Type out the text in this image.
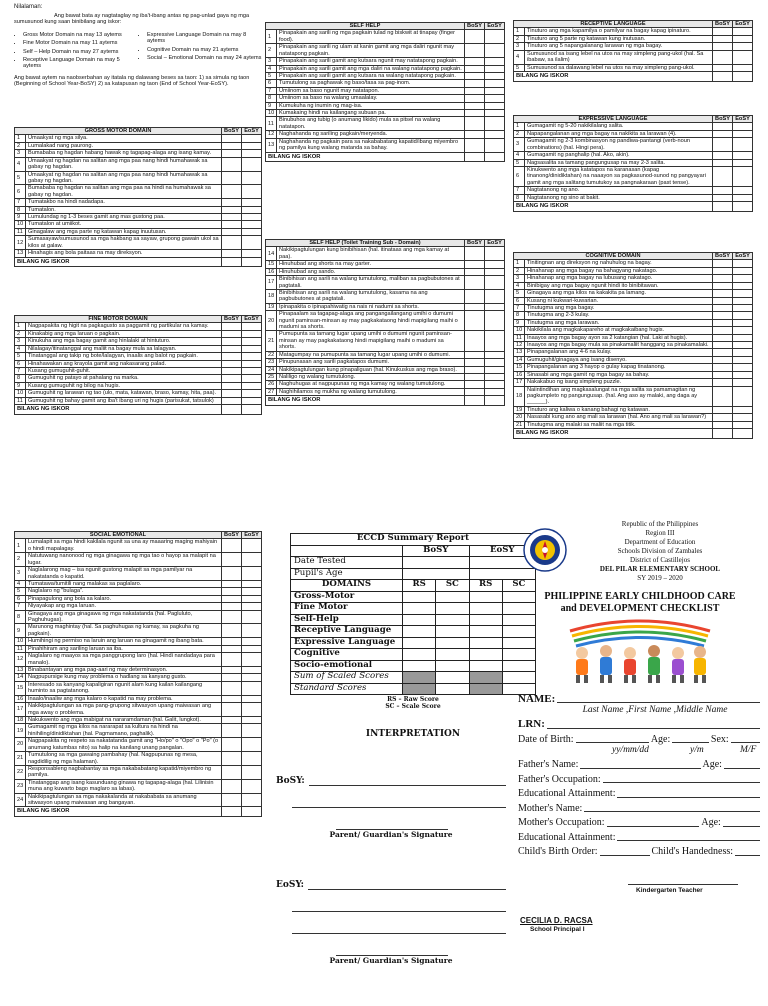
Nilalaman:

Ang bawat bata ay nagtataglay ng iba't-ibang antas ng pag-unlad gaya ng mga sumusunod kung saan binibilang ang iskor:

• Gross Motor Domain na may 13 aytems
• Fine Motor Domain na may 11 aytems
• Self – Help Domain na may 27 aytems
• Receptive Language Domain na may 5 aytems
• Expressive Language Domain na may 8 aytems
• Cognitive Domain na may 21 aytems
• Social – Emotional Domain na may 24 aytems

Ang bawat aytem na naobserbahan ay itatala ng dalawang beses sa taon: 1) sa simula ng taon (Beginning of School Year-BoSY) 2) sa katapusan ng taon (End of School Year-EoSY).

GROSS MOTOR DOMAIN		BoSY	EoSY
1	Umaakyat ng mga silya.		
2	Lumalakad nang paurong.		
3	Bumababa ng hagdan habang hawak ng tagapag-alaga ang isang kamay.		
4	Umaakyat ng hagdan na salitan ang mga paa nang hindi humahawak sa gabay ng hagdan.		
5	Umaakyat ng hagdan na salitan ang mga paa nang hindi humahawak sa gabay ng hagdan.		
6	Bumababa ng hagdan na salitan ang mga paa na hindi na humahawak sa gabay ng hagdan.		
7	Tumatakbo na hindi nadadapa.		
8	Tumatalon.		
9	Lumulundag ng 1-3 beses gamit ang mas gustong paa.		
10	Tumatalon at umiikot.		
11	Ginagalaw ang mga parte ng katawan kapag inuutusan.		
12	Sumasayaw/sumusunod sa mga hakbang sa sayaw, grupong gawain ukol sa kilos at galaw.		
13	Hinahagis ang bola paitaas na may direksyon.		
BILANG NG ISKOR			
FINE MOTOR DOMAIN		BoSY	EoSY
1	Nagpapakita ng higit na pagkagusto sa paggamit ng partikular na kamay.		
2	Kinakabig ang mga laruan o pagkain.		
3	Kinukuha ang mga bagay gamit ang hinlalaki at hintuturo.		
4	Nilalagay/itinatanggal ang maliit na bagay mula sa lalagyan.		
5	Tinatanggal ang takip ng bote/lalagyan, inaalis ang balot ng pagkain.		
6	Hinahawakan ang krayola gamit ang nakasarang palad.		
7	Kusang gumuguhit-guhit.		
8	Gumuguhit ng patayo at pahalang na marka.		
9	Kusang gumuguhit ng bilog na hugis.		
10	Gumuguhit ng larawan ng tao (ulo, mata, katawan, braso, kamay, hita, paa).		
11	Gumuguhit ng bahay gamit ang iba't ibang uri ng hugis (parisukat, tatsulok)		
BILANG NG ISKOR			
SELF HELP		BoSY	EoSY
1	Pinapakain ang sarili ng mga pagkain tulad ng biskwit at tinapay (finger food).		
2	Pinapakain ang sarili ng ulam at kanin gamit ang mga daliri ngunit may natatapong pagkain.		
3	Pinapakain ang sarili gamit ang kutsara ngunit may natatapong pagkain.		
4	Pinapakain ang sarili gamit ang mga daliri na walang natatapong pagkain.		
5	Pinapakain ang sarili gamit ang kutsara na walang natatapong pagkain.		
6	Tumutulong sa paghawak ng baso/tasa sa pag-inom.		
7	Umiinom sa baso ngunit may natatapon.		
8	Umiinom sa baso na walang umaalalay.		
9	Kumukuha ng inumin ng mag-isa.		
10	Kumakaing hindi na kailangang subuan pa.		
11	Binubuhos ang tubig (o anumang likido) mula sa pitsel na walang natatapon.		
12	Naghahanda ng sariling pagkain/meryenda.		
13	Naghahanda ng pagkain para sa nakababatang kapatid/ibang miyembro ng pamilya kung walang matanda sa bahay.		
BILANG NG ISKOR			
SELF HELP (Toilet Training Sub - Domain)		BoSY	EoSY
14	Nakikipagtulungan kung binibihisan (hal. itinataas ang mga kamay at paa).		
15	Hinuhubad ang shorts na may garter.		
16	Hinuhubad ang sando.		
17	Binibihisan ang sarili na walang tumutulong, maliban sa pagbubutones at pagtatali.		
18	Binibihisan ang sarili na walang tumutulong, kasama na ang pagbubutones at pagtatali.		
19	Ipinapakita o ipinapahiwatig na nais ni nadumi sa shorts.		
20	Pinapaalam sa tagapag-alaga ang pangangailangang umihi o dumumi ngunit paminsan-minsan ay may pagkakataong hindi mapigilang maihi o madumi sa shorts.		
21	Pumupunta sa tamang lugar upang umihi o dumumi ngunit paminsan-minsan ay may pagkakataong hindi mapigilang maihi o madumi sa shorts.		
22	Matagumpay na pumupunta sa tamang lugar upang umihi o dumumi.		
23	Pinupunasan ang sarili pagkatapos dumumi.		
24	Nakikipagtulungan kung pinapaliguan (hal. Kinukuskus ang mga braso).		
25	Naliligo ng walang tumutulong.		
26	Naghuhugas at nagpupunas ng mga kamay ng walang tumutulong.		
27	Naghihilamos ng mukha ng walang tumutulong.		
BILANG NG ISKOR			
RECEPTIVE LANGUAGE		BoSY	EoSY
1	Tinuturo ang mga kapamilya o pamilyar na bagay kapag ipinaturo.		
2	Tinuturo ang 5 parte ng katawan kung inutusan.		
3	Tinuturo ang 5 napangalanang larawan ng mga bagay.		
4	Sumusunod sa isang lebel na utos na may simpleng pang-ukol (hal. Sa ibabaw, sa ilalim)		
5	Sumusunod sa dalawang lebel na utos na may simpleng pang-ukol.		
BILANG NG ISKOR			
EXPRESSIVE LANGUAGE		BoSY	EoSY
1	Gumagamit ng 5-20 nakikilalang salita.		
2	Napapangalanan ang mga bagay na nakikita sa larawan (4).		
3	Gumagamit ng 2-3 kombinasyon ng pandiwa-pantangi (verb-noun combinations) (hal. Hingi pera).		
4	Gumagamit ng panghalip (hal. Ako, akin).		
5	Nagsasalita sa tamang pangungusap na may 2-3 salita.		
6	Kinukwento ang mga katatapos na karanasan (kapag tinanong/dinidiktahan) na naaayon sa pagkasunod-sunod ng pangyayari gamit ang mga salitang tumutukoy sa pangnakaraan (past tense).		
7	Nagtatanong ng ano.		
8	Nagtatanong ng sino at bakit.		
BILANG NG ISKOR			
COGNITIVE DOMAIN		BoSY	EoSY
1	Tinitingnan ang direksyon ng nahuhulog na bagay.		
2	Hinahanap ang mga bagay na bahagyang nakatago.		
3	Hinahanap ang mga bagay na lubusang nakatago.		
4	Binibigay ang mga bagay ngunit hindi ito binibitawan.		
5	Ginagaya ang mga kilos na kakakita pa lamang.		
6	Kusang ni kukwari-kuwarian.		
7	Tinutugma ang mga bagay.		
8	Tinutugma ang 2-3 kulay.		
9	Tinutugma ang mga larawan.		
10	Nakikilala ang magkakapareho at magkakaibang hugis.		
11	Inaayos ang mga bagay ayon sa 2 katangian (hal. Laki at hugis).		
12	Inaayos ang mga bagay mula sa pinakamaliit hanggang sa pinakamalaki.		
13	Pinapangalanan ang 4-6 na kulay.		
14	Gumuguhit/ginagaya ang isang disenyo.		
15	Pinapangalanan ang 3 hayop o gulay kapag tinatanong.		
16	Sinasabi ang mga gamit ng mga bagay sa bahay.		
17	Nakakabuo ng isang simpleng puzzle.		
18	Naiintindihan ang magkasalungat na mga salita sa pamamagitan ng pagkumpleto ng pangungusap. (hal. Ang aso ay malaki, ang daga ay ______).		
19	Tinuturo ang kaliwa o kanang bahagi ng katawan.		
20	Nasasabi kung ano ang mali sa larawan (hal. Ano ang mali sa larawan?)		
21	Tinutugma ang malaki sa maliit na mga titik.		
BILANG NG ISKOR			
SOCIAL EMOTIONAL		BoSY	EoSY
1	Lumalapit sa mga hindi kakilala ngunit sa una ay maaaring maging mahiyain o hindi mapalagay.		
2	Natutuwang nanonood ng mga ginagawa ng mga tao o hayop sa malapit na lugar.		
3	Naglalarong mag – isa ngunit gustong malapit sa mga pamilyar na nakatatanda o kapatid.		
4	Tumatawa/tumitili nang malakas sa paglalaro.		
5	Naglalaro ng "bulaga".		
6	Pinapagulong ang bola sa kalaro.		
7	Niyayakap ang mga laruan.		
8	Ginagaya ang mga ginagawa ng mga nakatatanda (hal. Pagluluto, Paghuhugas).		
9	Marunong maghintay (hal. Sa paghuhugas ng kamay, sa pagkuha ng pagkain).		
10	Humihingi ng permiso na laruin ang laruan na ginagamit ng ibang bata.		
11	Pinahihiram ang sariling laruan sa iba.		
12	Naglalaro ng maayos sa mga panggrupong laro (hal. Hindi nandadaya para manalo).		
13	Binabantayan ang mga pag-aari ng may determinasyon.		
14	Nagpupursige kung may problema o hadlang sa kanyang gusto.		
15	Interesado sa kanyang kapaligiran ngunit alam kung kailan kailangang huminto sa pagtatanong.		
16	Inaalo/inaaliw ang mga kalaro o kapatid na may problema.		
17	Nakikipagtulungan sa mga pang-grupong sitwasyon upang maiwasan ang mga away o problema.		
18	Nakukwento ang mga mabigat na nararamdaman (hal. Galit, lungkot).		
19	Gumagamit ng mga kilos na nararapat sa kultura na hindi na hinihiling/dinidiktahan (hal. Pagmamano, paghalik).		
20	Nagpapakita ng respeto sa nakatatanda gamit ang "Ho/po" o "Opo" o "Po" (o anumang katumbas nito) sa halip na kanilang unang pangalan.		
21	Tumutulong sa mga gawaing pambahay (hal. Nagpupunas ng mesa, nagdidilig ng mga halaman).		
22	Responsableng nagbabantay sa mga nakababatang kapatid/miyembro ng pamilya.		
23	Tinatanggap ang isang kasunduang ginawa ng tagapag-alaga (hal. Lilinisin muna ang kuwarto bago maglaro sa labas).		
24	Nakikipagtulungan sa mga nakakalanda at nakababata sa anumang sitwasyon upang maiwasan ang bangayan.		
BILANG NG ISKOR			
ECCD Summary Report				
	BoSY		EoSY	
Date Tested				
Pupil's Age				
DOMAINS	RS	SC	RS	SC
Gross-Motor				
Fine Motor				
Self-Help				
Receptive Language				
Expressive Language				
Cognitive				
Socio-emotional				
Sum of Scaled Scores				
Standard Scores				
RS – Raw Score
SC – Scale Score
INTERPRETATION
BoSY:
Parent/ Guardian's Signature
EoSY:
Parent/ Guardian's Signature
Republic of the Philippines
Region III
Department of Education
Schools Division of Zambales
District of Castillejos
DEL PILAR ELEMENTARY SCHOOL
SY 2019 – 2020
PHILIPPINE EARLY CHILDHOOD CARE
and DEVELOPMENT CHECKLIST
NAME:
Last Name ,First Name ,Middle Name
LRN:
Date of Birth:	Age:	Sex:
yy/mm/dd	y/m	M/F
Father's Name:	Age:
Father's Occupation:
Educational Attainment:
Mother's Name:
Mother's Occupation:	Age:
Educational Attainment:
Child's Birth Order:	Child's Handedness:
Kindergarten Teacher
CECILIA D. RACSA
School Principal I
